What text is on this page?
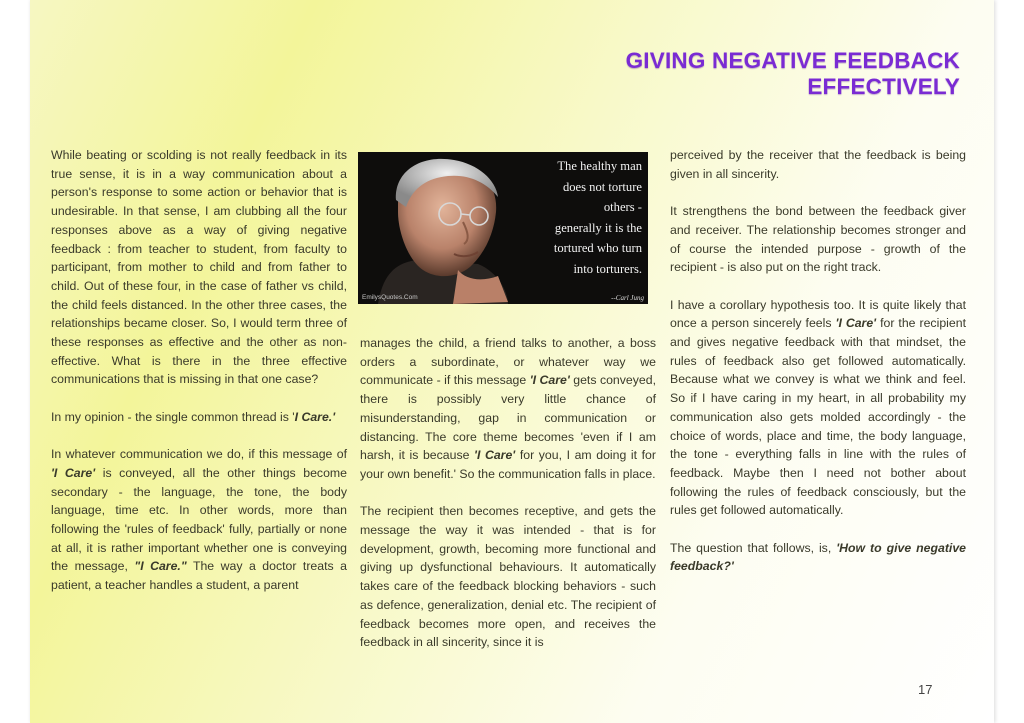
GIVING NEGATIVE FEEDBACK EFFECTIVELY

While beating or scolding is not really feedback in its true sense, it is in a way communication about a person's response to some action or behavior that is undesirable. In that sense, I am clubbing all the four responses above as a way of giving negative feedback : from teacher to student, from faculty to participant, from mother to child and from father to child. Out of these four, in the case of father vs child, the child feels distanced. In the other three cases, the relationships became closer. So, I would term three of these responses as effective and the other as non-effective. What is there in the three effective communications that is missing in that one case?

In my opinion - the single common thread is 'I Care.'

In whatever communication we do, if this message of 'I Care' is conveyed, all the other things become secondary - the language, the tone, the body language, time etc. In other words, more than following the 'rules of feedback' fully, partially or none at all, it is rather important whether one is conveying the message, "I Care." The way a doctor treats a patient, a teacher handles a student, a parent

The healthy man
does not torture
others -
generally it is the
tortured who turn
into torturers.
--Carl Jung
EmilysQuotes.Com

manages the child, a friend talks to another, a boss orders a subordinate, or whatever way we communicate - if this message 'I Care' gets conveyed, there is possibly very little chance of misunderstanding, gap in communication or distancing. The core theme becomes 'even if I am harsh, it is because 'I Care' for you, I am doing it for your own benefit.' So the communication falls in place.

The recipient then becomes receptive, and gets the message the way it was intended - that is for development, growth, becoming more functional and giving up dysfunctional behaviours. It automatically takes care of the feedback blocking behaviors - such as defence, generalization, denial etc. The recipient of feedback becomes more open, and receives the feedback in all sincerity, since it is

perceived by the receiver that the feedback is being given in all sincerity.

It strengthens the bond between the feedback giver and receiver. The relationship becomes stronger and of course the intended purpose - growth of the recipient - is also put on the right track.

I have a corollary hypothesis too. It is quite likely that once a person sincerely feels 'I Care' for the recipient and gives negative feedback with that mindset, the rules of feedback also get followed automatically. Because what we convey is what we think and feel. So if I have caring in my heart, in all probability my communication also gets molded accordingly - the choice of words, place and time, the body language, the tone - everything falls in line with the rules of feedback. Maybe then I need not bother about following the rules of feedback consciously, but the rules get followed automatically.

The question that follows, is, 'How to give negative feedback?'

17
